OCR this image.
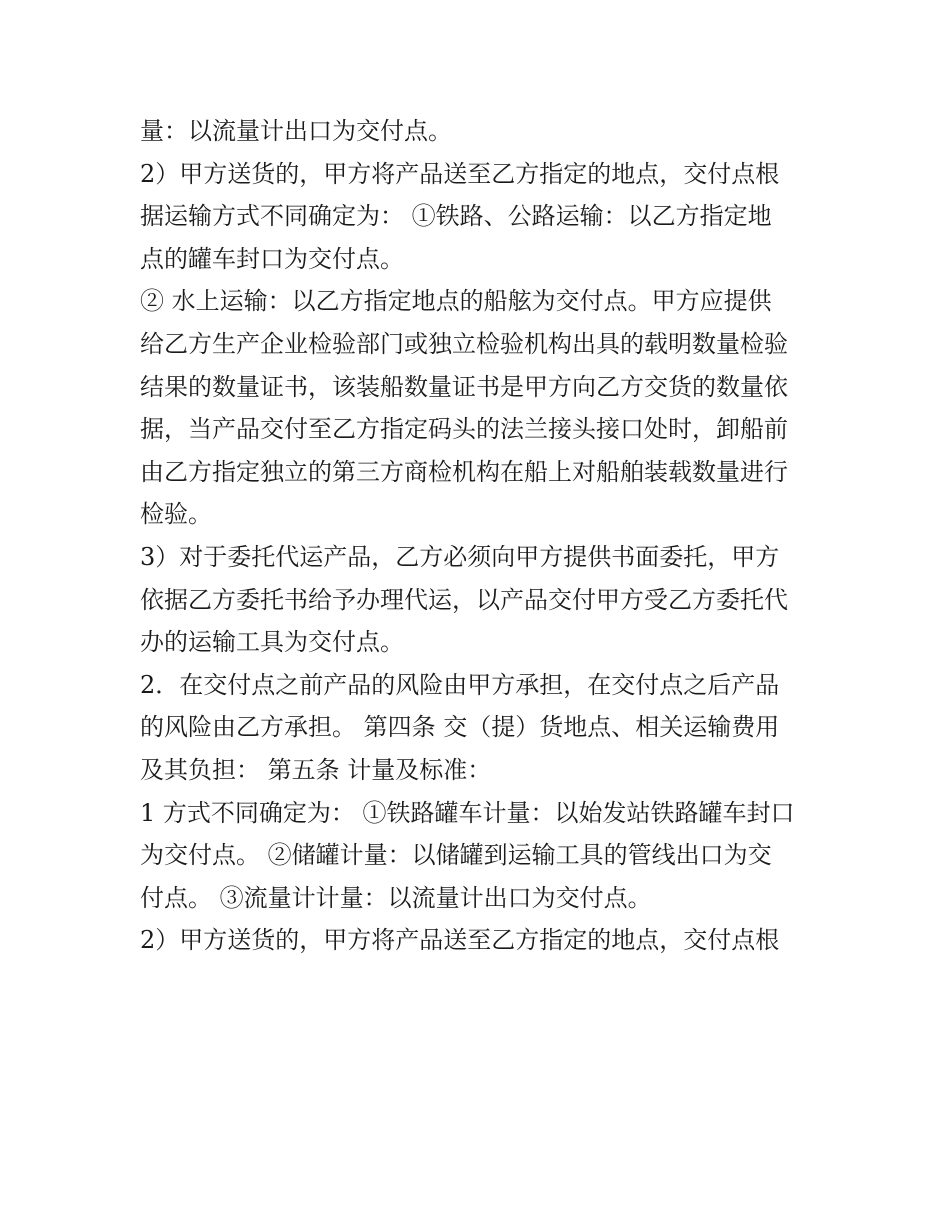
量：以流量计出口为交付点。
2）甲方送货的，甲方将产品送至乙方指定的地点，交付点根
据运输方式不同确定为： ①铁路、公路运输：以乙方指定地
点的罐车封口为交付点。
② 水上运输：以乙方指定地点的船舷为交付点。甲方应提供
给乙方生产企业检验部门或独立检验机构出具的载明数量检验
结果的数量证书，该装船数量证书是甲方向乙方交货的数量依
据，当产品交付至乙方指定码头的法兰接头接口处时，卸船前
由乙方指定独立的第三方商检机构在船上对船舶装载数量进行
检验。
3）对于委托代运产品，乙方必须向甲方提供书面委托，甲方
依据乙方委托书给予办理代运，以产品交付甲方受乙方委托代
办的运输工具为交付点。
2．在交付点之前产品的风险由甲方承担，在交付点之后产品
的风险由乙方承担。 第四条 交（提）货地点、相关运输费用
及其负担： 第五条 计量及标准：
1 方式不同确定为： ①铁路罐车计量：以始发站铁路罐车封口
为交付点。 ②储罐计量：以储罐到运输工具的管线出口为交
付点。 ③流量计计量：以流量计出口为交付点。
2）甲方送货的，甲方将产品送至乙方指定的地点，交付点根
